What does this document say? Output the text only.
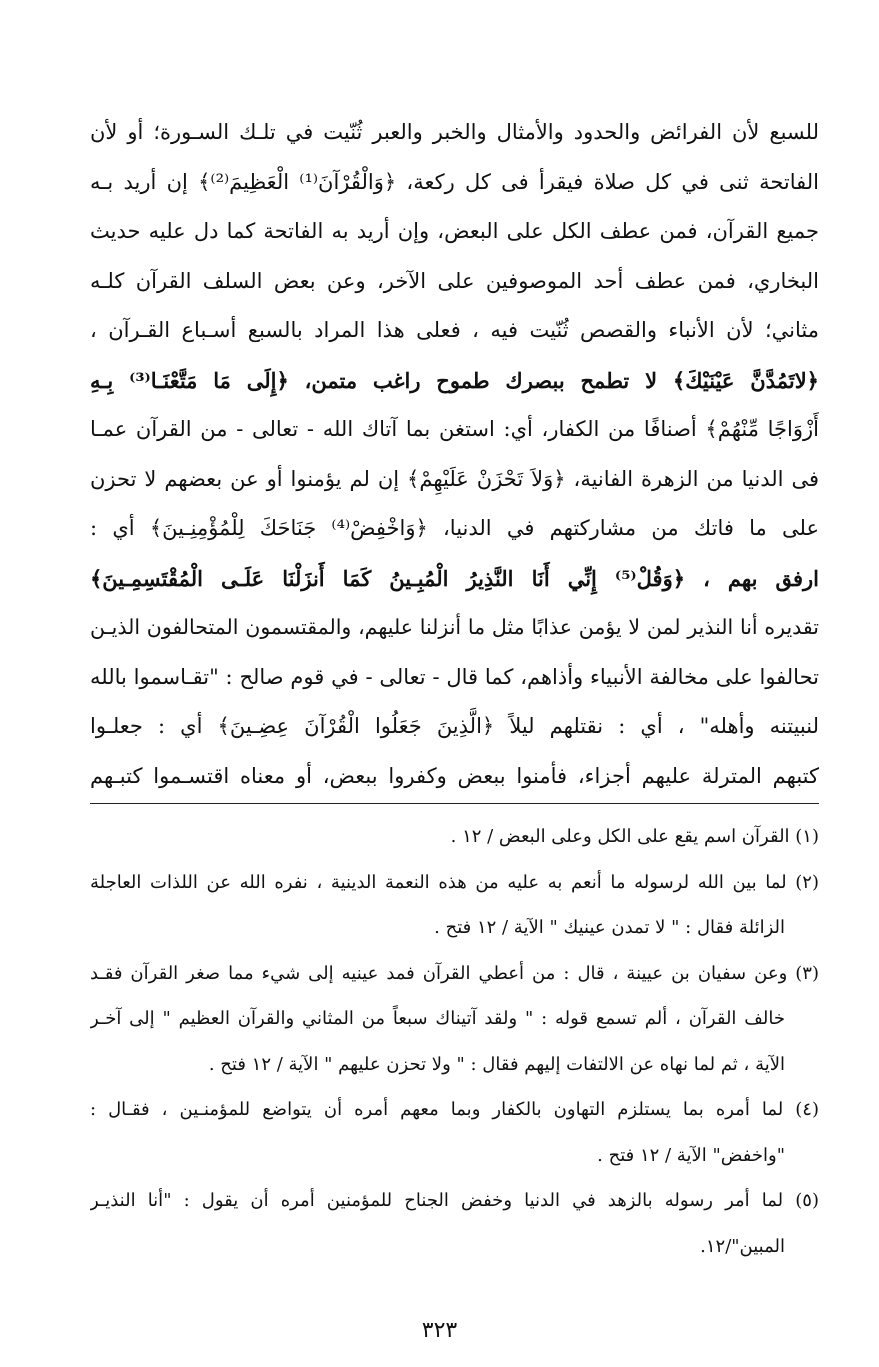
للسبع لأن الفرائض والحدود والأمثال والخبر والعبر ثُنّيت في تلـك السـورة؛ أو لأن
الفاتحة ثنى في كل صلاة فيقرأ فى كل ركعة، ﴿وَالْقُرْآنَ⁽¹⁾ الْعَظِيمَ⁽²⁾﴾ إن أريد بـه
جميع القرآن، فمن عطف الكل على البعض، وإن أريد به الفاتحة كما دل عليه حديث
البخاري، فمن عطف أحد الموصوفين على الآخر، وعن بعض السلف القرآن كلـه
مثاني؛ لأن الأنباء والقصص ثُنّيت فيه ، فعلى هذا المراد بالسبع أسـباع القـرآن ،
﴿لاتَمُدَّنَّ عَيْنَيْكَ﴾ لا تطمح ببصرك طموح راغب متمن، ﴿إِلَى مَا مَتَّعْنَـا⁽³⁾ بِـهِ
أَزْوَاجًا مِّنْهُمْ﴾ أصنافًا من الكفار، أي: استغن بما آتاك الله - تعالى - من القرآن عمـا
فى الدنيا من الزهرة الفانية، ﴿وَلاَ تَحْزَنْ عَلَيْهِمْ﴾ إن لم يؤمنوا أو عن بعضهم لا تحزن
على ما فاتك من مشاركتهم في الدنيا، ﴿وَاخْفِضْ⁽⁴⁾ جَنَاحَكَ لِلْمُؤْمِنِـينَ﴾ أي :
ارفق بهم ، ﴿وَقُلْ⁽⁵⁾ إِنِّي أَنَا النَّذِيرُ الْمُبِـينُ كَمَا أَنزَلْنَا عَلَـى الْمُقْتَسِمِـينَ﴾
تقديره أنا النذير لمن لا يؤمن عذابًا مثل ما أنزلنا عليهم، والمقتسمون المتحالفون الذيـن
تحالفوا على مخالفة الأنبياء وأذاهم، كما قال - تعالى - في قوم صالح : "تقـاسموا بالله
لنبيتنه وأهله" ، أي : نقتلهم ليلاً ﴿الَّذِينَ جَعَلُوا الْقُرْآنَ عِضِـينَ﴾ أي : جعلـوا
كتبهم المترلة عليهم أجزاء، فأمنوا ببعض وكفروا ببعض، أو معناه اقتسـموا كتبـهم
(١) القرآن اسم يقع على الكل وعلى البعض / ١٢ .
(٢) لما بين الله لرسوله ما أنعم به عليه من هذه النعمة الدينية ، نفره الله عن اللذات العاجلة
الزائلة فقال : " لا تمدن عينيك " الآية / ١٢ فتح .
(٣) وعن سفيان بن عيينة ، قال : من أعطي القرآن فمد عينيه إلى شيء مما صغر القرآن فقـد
خالف القرآن ، ألم تسمع قوله : " ولقد آتيناك سبعاً من المثاني والقرآن العظيم " إلى آخـر
الآية ، ثم لما نهاه عن الالتفات إليهم فقال : " ولا تحزن عليهم " الآية / ١٢ فتح .
(٤) لما أمره بما يستلزم التهاون بالكفار وبما معهم أمره أن يتواضع للمؤمنـين ، فقـال :
"واخفض" الآية / ١٢ فتح .
(٥) لما أمر رسوله بالزهد في الدنيا وخفض الجناح للمؤمنين أمره أن يقول : "أنا النذيـر
المبين"/١٢.
٣٢٣
